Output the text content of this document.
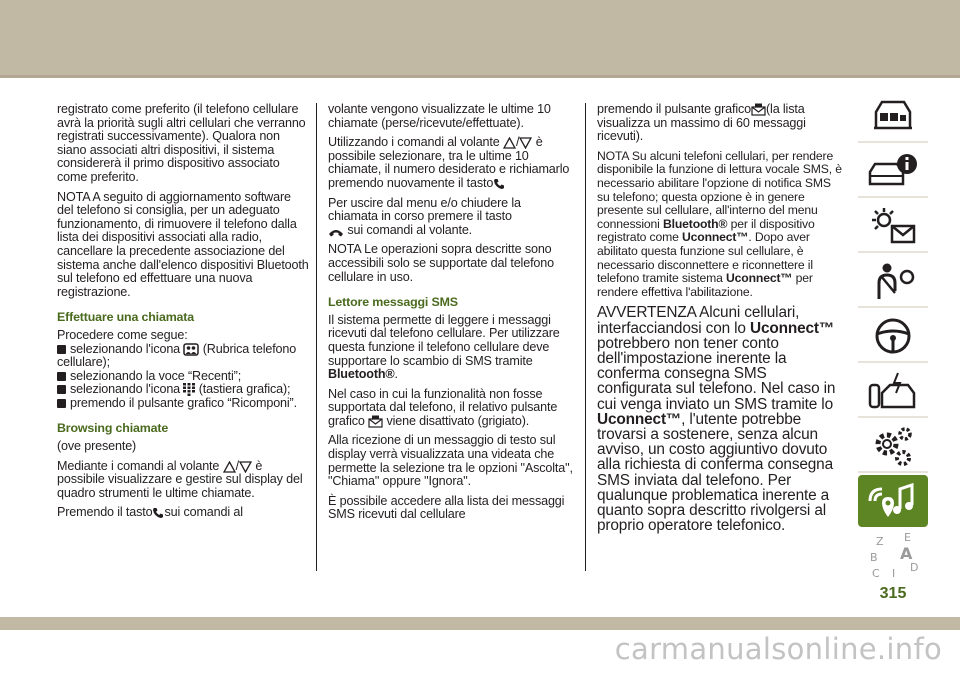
registrato come preferito (il telefono cellulare avrà la priorità sugli altri cellulari che verranno registrati successivamente). Qualora non siano associati altri dispositivi, il sistema considererà il primo dispositivo associato come preferito.

NOTA A seguito di aggiornamento software del telefono si consiglia, per un adeguato funzionamento, di rimuovere il telefono dalla lista dei dispositivi associati alla radio, cancellare la precedente associazione del sistema anche dall'elenco dispositivi Bluetooth sul telefono ed effettuare una nuova registrazione.

Effettuare una chiamata

Procedere come segue:

selezionando l'icona (Rubrica telefono cellulare);
selezionando la voce “Recenti”;
selezionando l'icona (tastiera grafica);
premendo il pulsante grafico “Ricomponi”.
Browsing chiamate

(ove presente)

Mediante i comandi al volante / è possibile visualizzare e gestire sul display del quadro strumenti le ultime chiamate.

Premendo il tasto sui comandi al

volante vengono visualizzate le ultime 10 chiamate (perse/ricevute/effettuate).

Utilizzando i comandi al volante / è possibile selezionare, tra le ultime 10 chiamate, il numero desiderato e richiamarlo premendo nuovamente il tasto

Per uscire dal menu e/o chiudere la chiamata in corso premere il tasto
sui comandi al volante.

NOTA Le operazioni sopra descritte sono accessibili solo se supportate dal telefono cellulare in uso.

Lettore messaggi SMS

Il sistema permette di leggere i messaggi ricevuti dal telefono cellulare. Per utilizzare questa funzione il telefono cellulare deve supportare lo scambio di SMS tramite Bluetooth®.

Nel caso in cui la funzionalità non fosse supportata dal telefono, il relativo pulsante grafico viene disattivato (grigiato).

Alla ricezione di un messaggio di testo sul display verrà visualizzata una videata che permette la selezione tra le opzioni "Ascolta", "Chiama" oppure "Ignora".

È possibile accedere alla lista dei messaggi SMS ricevuti dal cellulare

premendo il pulsante grafico (la lista visualizza un massimo di 60 messaggi ricevuti).

NOTA Su alcuni telefoni cellulari, per rendere disponibile la funzione di lettura vocale SMS, è necessario abilitare l'opzione di notifica SMS su telefono; questa opzione è in genere presente sul cellulare, all'interno del menu connessioni Bluetooth® per il dispositivo registrato come Uconnect™. Dopo aver abilitato questa funzione sul cellulare, è necessario disconnettere e riconnettere il telefono tramite sistema Uconnect™ per rendere effettiva l'abilitazione.

AVVERTENZA Alcuni cellulari, interfacciandosi con lo Uconnect™ potrebbero non tener conto dell'impostazione inerente la conferma consegna SMS configurata sul telefono. Nel caso in cui venga inviato un SMS tramite lo Uconnect™, l'utente potrebbe trovarsi a sostenere, senza alcun avviso, un costo aggiuntivo dovuto alla richiesta di conferma consegna SMS inviata dal telefono. Per qualunque problematica inerente a quanto sopra descritto rivolgersi al proprio operatore telefonico.

Z E
B A
C I D
315
carmanualsonline.info
